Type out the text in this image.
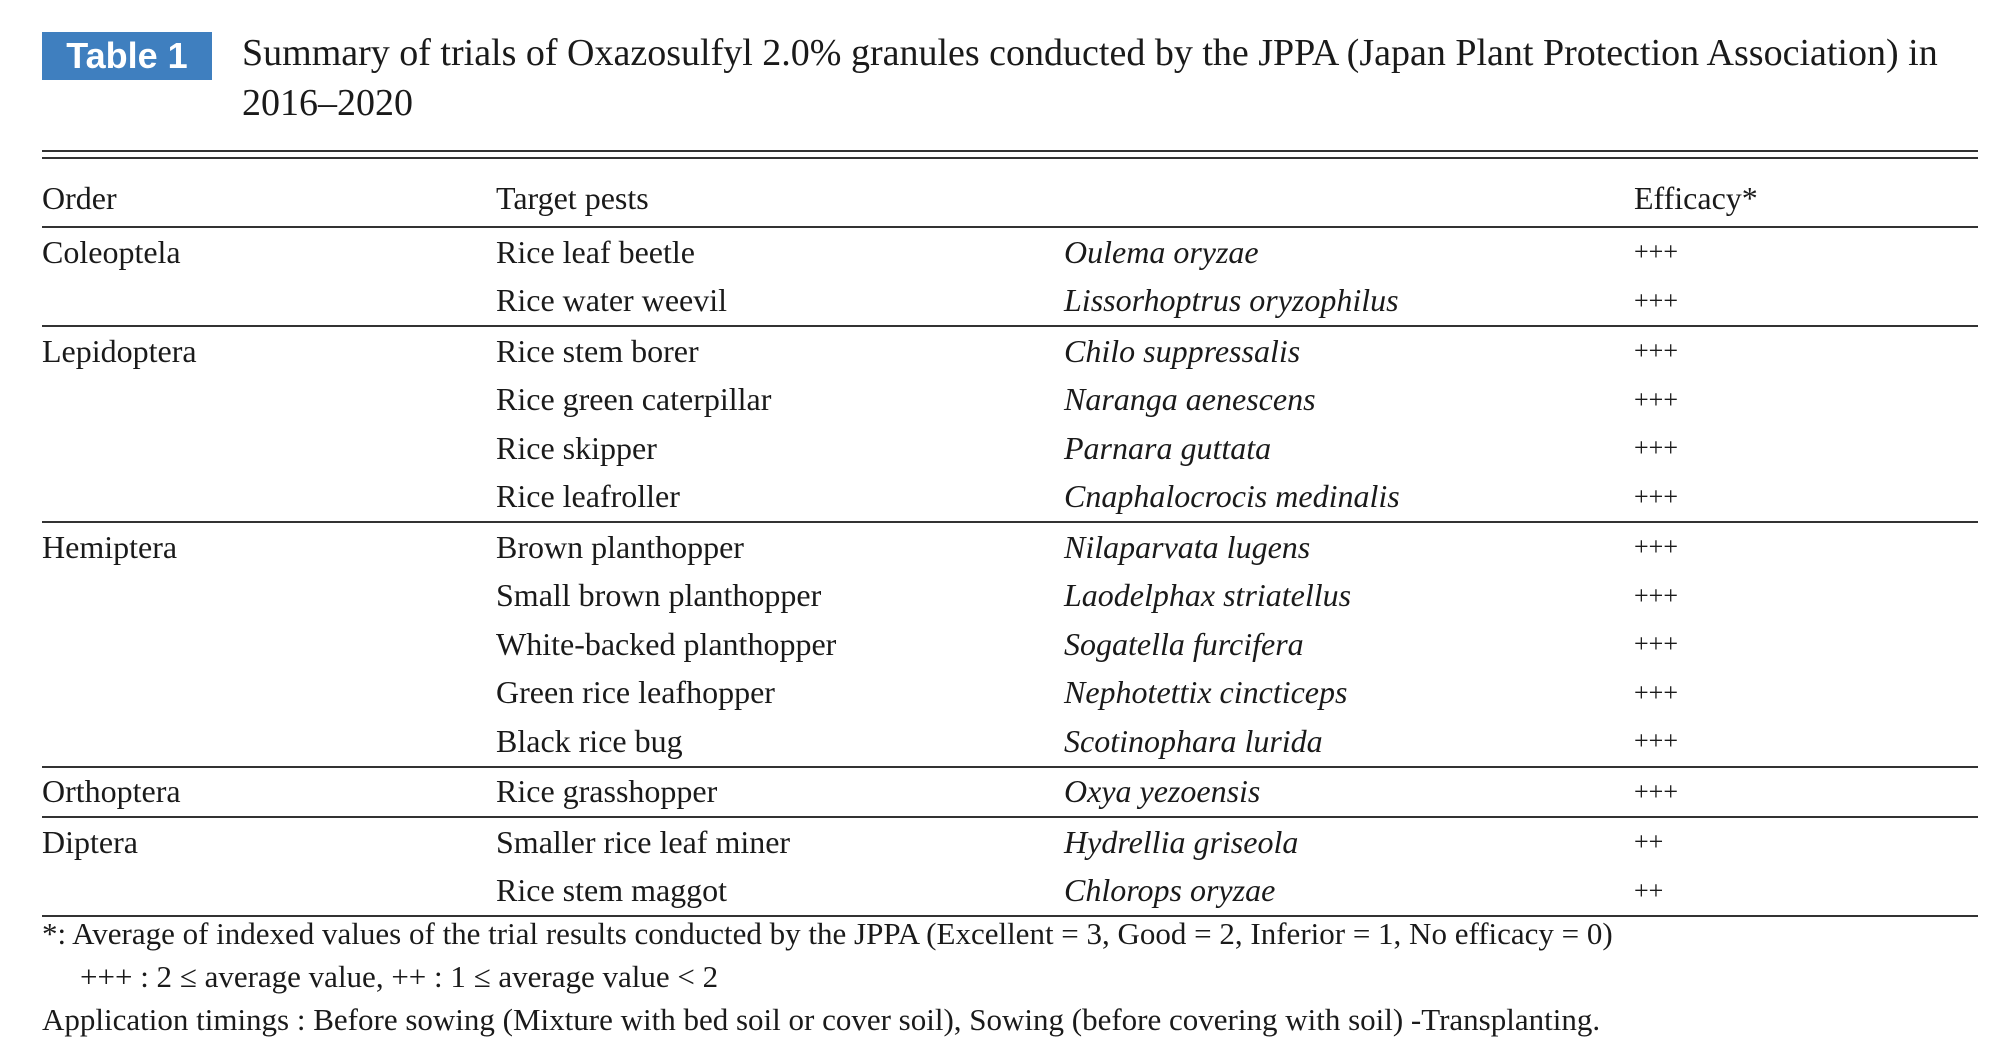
Table 1	Summary of trials of Oxazosulfyl 2.0% granules conducted by the JPPA (Japan Plant Protection Association) in 2016–2020
Order	Target pests		Efficacy*
Coleoptela	Rice leaf beetle	Oulema oryzae	+++
	Rice water weevil	Lissorhoptrus oryzophilus	+++
Lepidoptera	Rice stem borer	Chilo suppressalis	+++
	Rice green caterpillar	Naranga aenescens	+++
	Rice skipper	Parnara guttata	+++
	Rice leafroller	Cnaphalocrocis medinalis	+++
Hemiptera	Brown planthopper	Nilaparvata lugens	+++
	Small brown planthopper	Laodelphax striatellus	+++
	White-backed planthopper	Sogatella furcifera	+++
	Green rice leafhopper	Nephotettix cincticeps	+++
	Black rice bug	Scotinophara lurida	+++
Orthoptera	Rice grasshopper	Oxya yezoensis	+++
Diptera	Smaller rice leaf miner	Hydrellia griseola	++
	Rice stem maggot	Chlorops oryzae	++
*: Average of indexed values of the trial results conducted by the JPPA (Excellent = 3, Good = 2, Inferior = 1, No efficacy = 0)
+++ : 2 ≤ average value, ++ : 1 ≤ average value < 2
Application timings : Before sowing (Mixture with bed soil or cover soil), Sowing (before covering with soil) -Transplanting.
